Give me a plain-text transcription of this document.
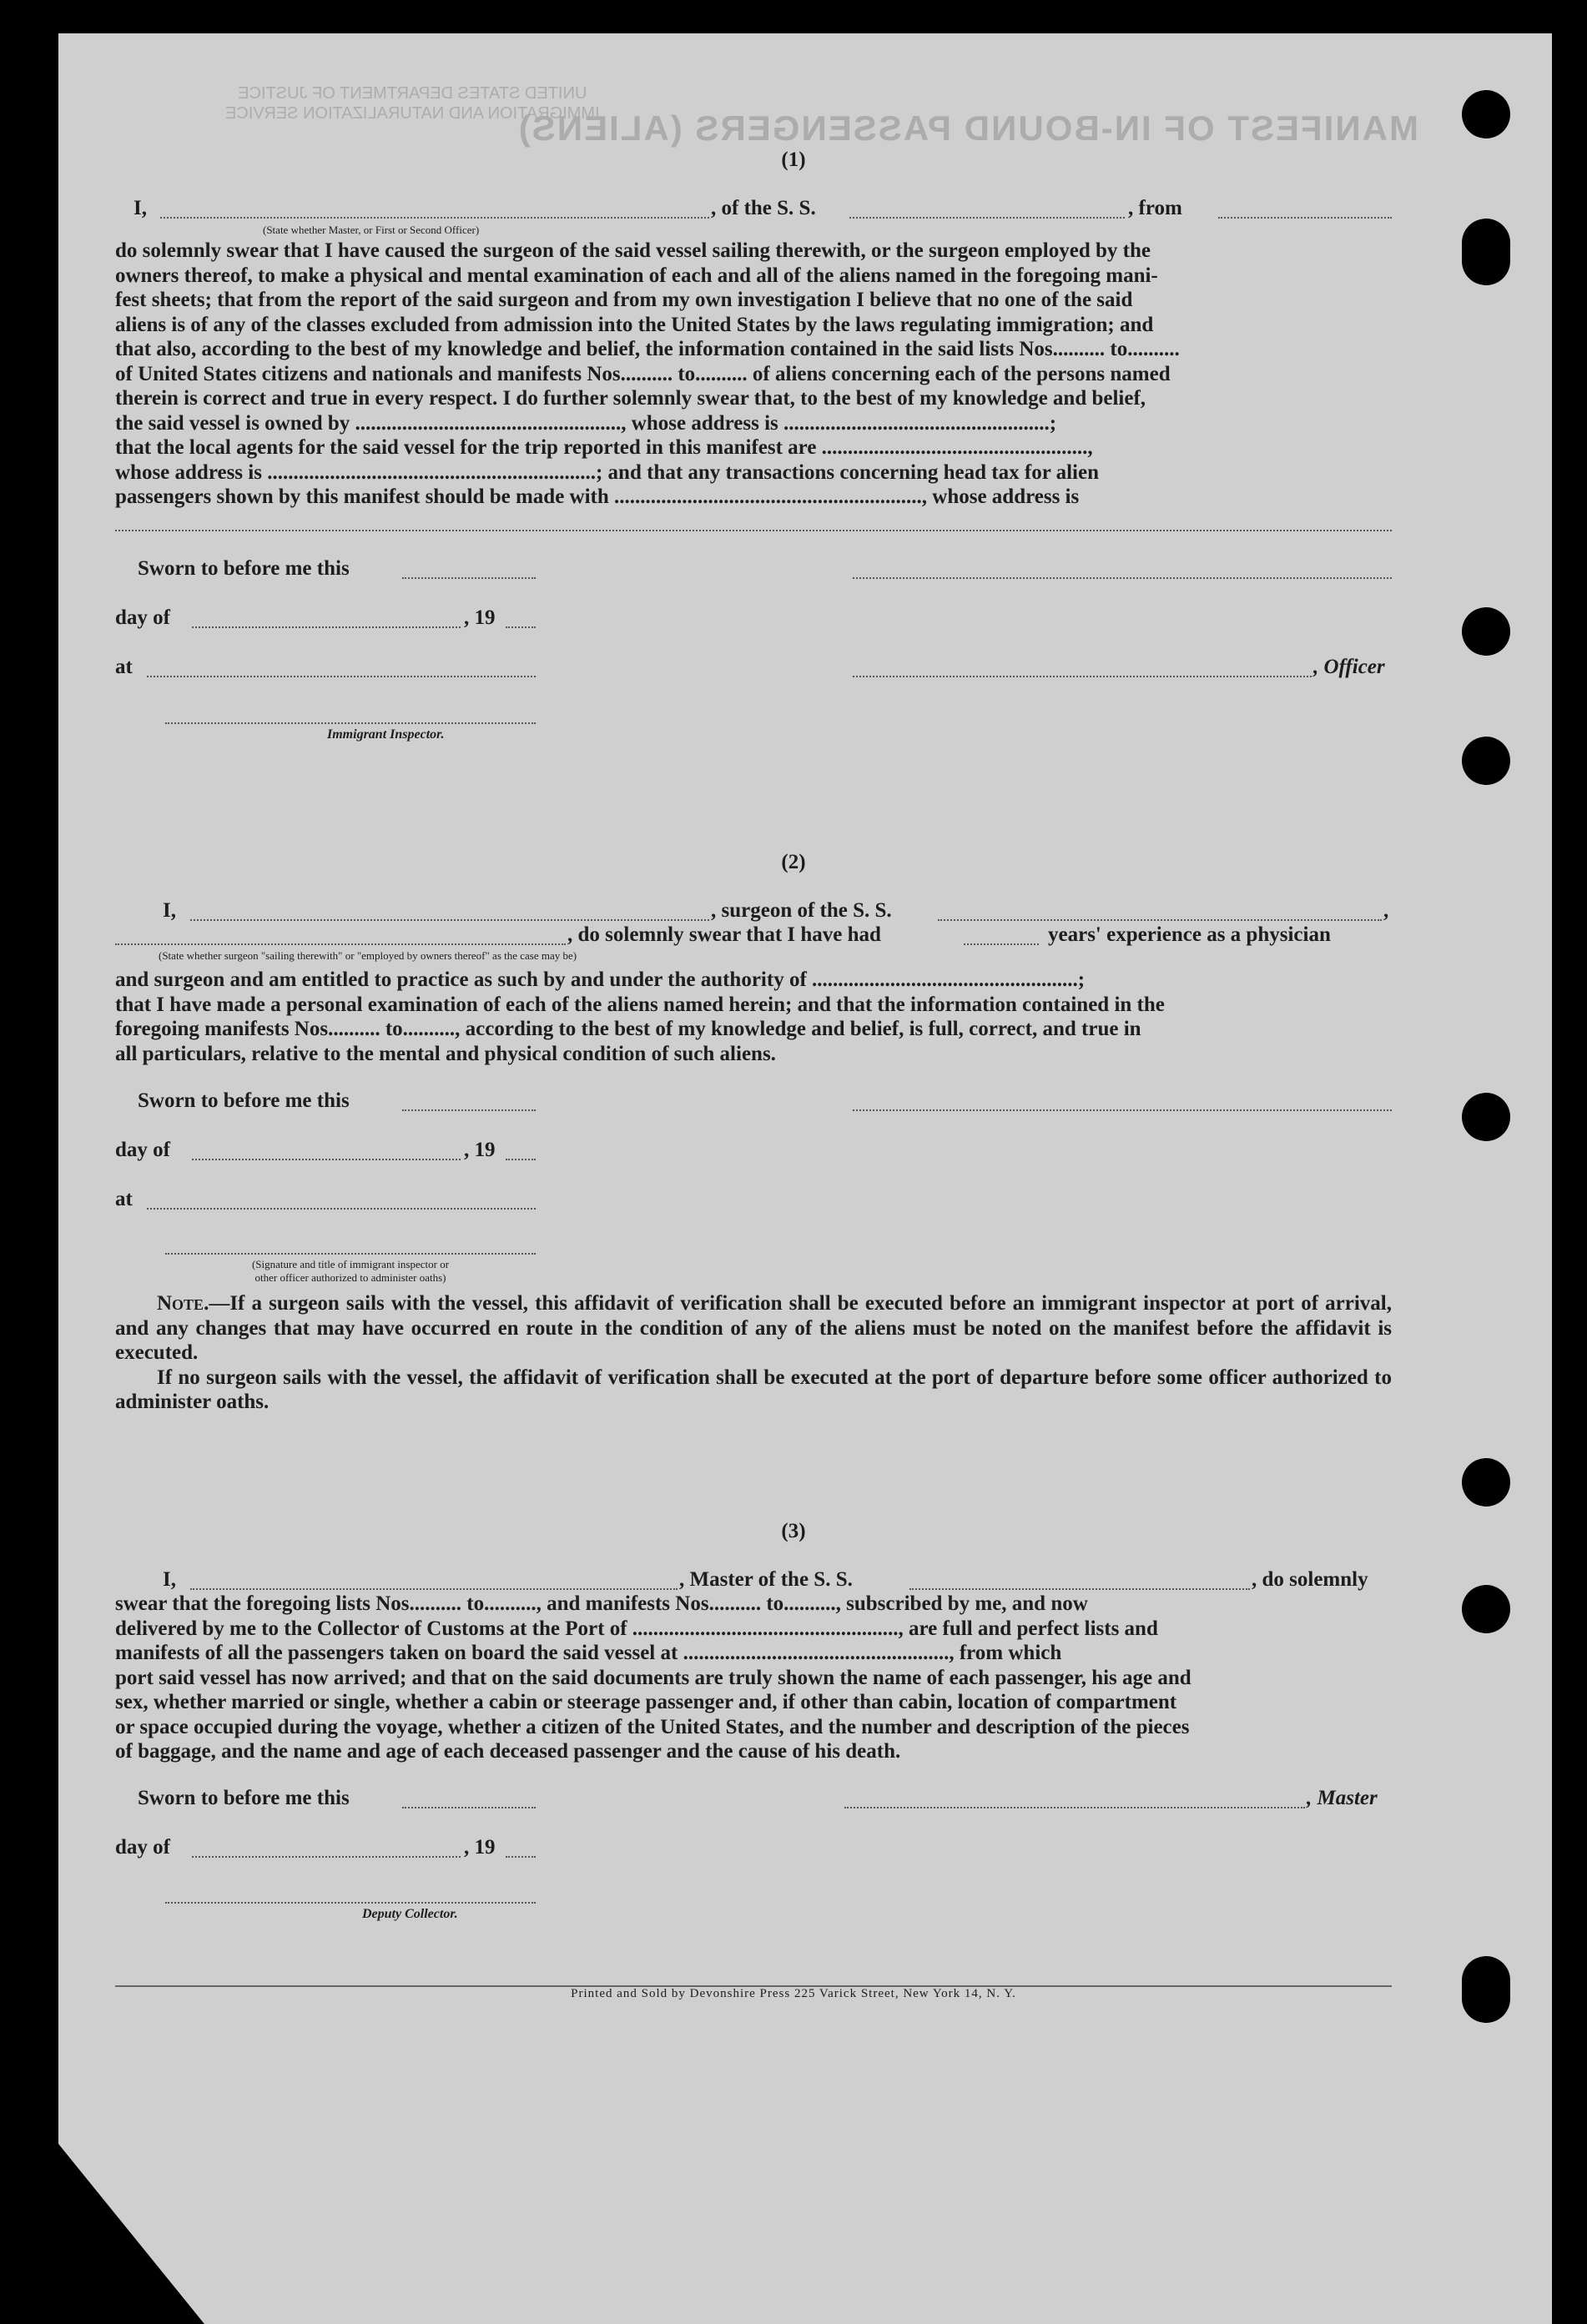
MANIFEST OF IN-BOUND PASSENGERS (ALIENS)
UNITED STATES DEPARTMENT OF JUSTICE
IMMIGRATION AND NATURALIZATION SERVICE
(1)
I,	, of the S. S.	, from
(State whether Master, or First or Second Officer)
do solemnly swear that I have caused the surgeon of the said vessel sailing therewith, or the surgeon employed by the
owners thereof, to make a physical and mental examination of each and all of the aliens named in the foregoing mani-
fest sheets; that from the report of the said surgeon and from my own investigation I believe that no one of the said
aliens is of any of the classes excluded from admission into the United States by the laws regulating immigration; and
that also, according to the best of my knowledge and belief, the information contained in the said lists Nos.......... to..........
of United States citizens and nationals and manifests Nos.......... to.......... of aliens concerning each of the persons named
therein is correct and true in every respect. I do further solemnly swear that, to the best of my knowledge and belief,
the said vessel is owned by ..................................................., whose address is ...................................................;
that the local agents for the said vessel for the trip reported in this manifest are ...................................................,
whose address is ...............................................................; and that any transactions concerning head tax for alien
passengers shown by this manifest should be made with ..........................................................., whose address is
Sworn to before me this
day of	, 19
at	, Officer
Immigrant Inspector.
(2)
I,	, surgeon of the S. S.	,
, do solemnly swear that I have had	years' experience as a physician
(State whether surgeon "sailing therewith" or "employed by owners thereof" as the case may be)
and surgeon and am entitled to practice as such by and under the authority of ...................................................;
that I have made a personal examination of each of the aliens named herein; and that the information contained in the
foregoing manifests Nos.......... to.........., according to the best of my knowledge and belief, is full, correct, and true in
all particulars, relative to the mental and physical condition of such aliens.
Sworn to before me this
day of	, 19
at
(Signature and title of immigrant inspector or
other officer authorized to administer oaths)
Note.—If a surgeon sails with the vessel, this affidavit of verification shall be executed before an immigrant inspector at port of arrival, and any changes that may have occurred en route in the condition of any of the aliens must be noted on the manifest before the affidavit is executed.
If no surgeon sails with the vessel, the affidavit of verification shall be executed at the port of departure before some officer authorized to administer oaths.
(3)
I,	, Master of the S. S.	, do solemnly
swear that the foregoing lists Nos.......... to.........., and manifests Nos.......... to.........., subscribed by me, and now
delivered by me to the Collector of Customs at the Port of ..................................................., are full and perfect lists and
manifests of all the passengers taken on board the said vessel at ..................................................., from which
port said vessel has now arrived; and that on the said documents are truly shown the name of each passenger, his age and
sex, whether married or single, whether a cabin or steerage passenger and, if other than cabin, location of compartment
or space occupied during the voyage, whether a citizen of the United States, and the number and description of the pieces
of baggage, and the name and age of each deceased passenger and the cause of his death.
Sworn to before me this	, Master
day of	, 19
Deputy Collector.
Printed and Sold by Devonshire Press 225 Varick Street, New York 14, N. Y.
